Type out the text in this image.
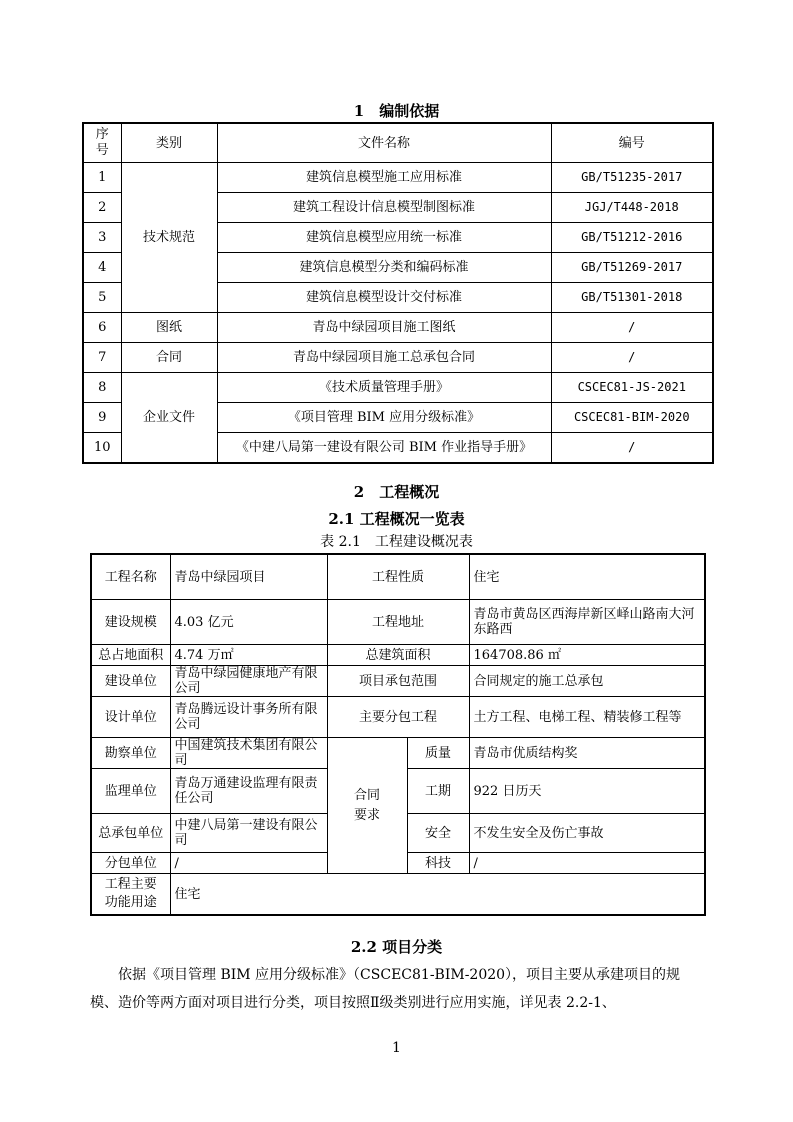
1　编制依据
序号	类别	文件名称	编号
1	技术规范	建筑信息模型施工应用标准	GB/T51235-2017
2		建筑工程设计信息模型制图标准	JGJ/T448-2018
3		建筑信息模型应用统一标准	GB/T51212-2016
4		建筑信息模型分类和编码标准	GB/T51269-2017
5		建筑信息模型设计交付标准	GB/T51301-2018
6	图纸	青岛中绿园项目施工图纸	/
7	合同	青岛中绿园项目施工总承包合同	/
8	企业文件	《技术质量管理手册》	CSCEC81-JS-2021
9		《项目管理 BIM 应用分级标准》	CSCEC81-BIM-2020
10		《中建八局第一建设有限公司 BIM 作业指导手册》	/
2　工程概况
2.1 工程概况一览表
表 2.1　工程建设概况表
工程名称	青岛中绿园项目	工程性质		住宅
建设规模	4.03 亿元	工程地址		青岛市黄岛区西海岸新区峄山路南大河东路西
总占地面积	4.74 万㎡	总建筑面积		164708.86 ㎡
建设单位	青岛中绿园健康地产有限公司	项目承包范围		合同规定的施工总承包
设计单位	青岛腾远设计事务所有限公司	主要分包工程		土方工程、电梯工程、精装修工程等
勘察单位	中国建筑技术集团有限公司	合同要求	质量	青岛市优质结构奖
监理单位	青岛万通建设监理有限责任公司		工期	922 日历天
总承包单位	中建八局第一建设有限公司		安全	不发生安全及伤亡事故
分包单位	/		科技	/
工程主要功能用途	住宅			
2.2 项目分类
依据《项目管理 BIM 应用分级标准》（CSCEC81-BIM-2020），项目主要从承建项目的规模、造价等两方面对项目进行分类，项目按照Ⅱ级类别进行应用实施，详见表 2.2-1、
1
